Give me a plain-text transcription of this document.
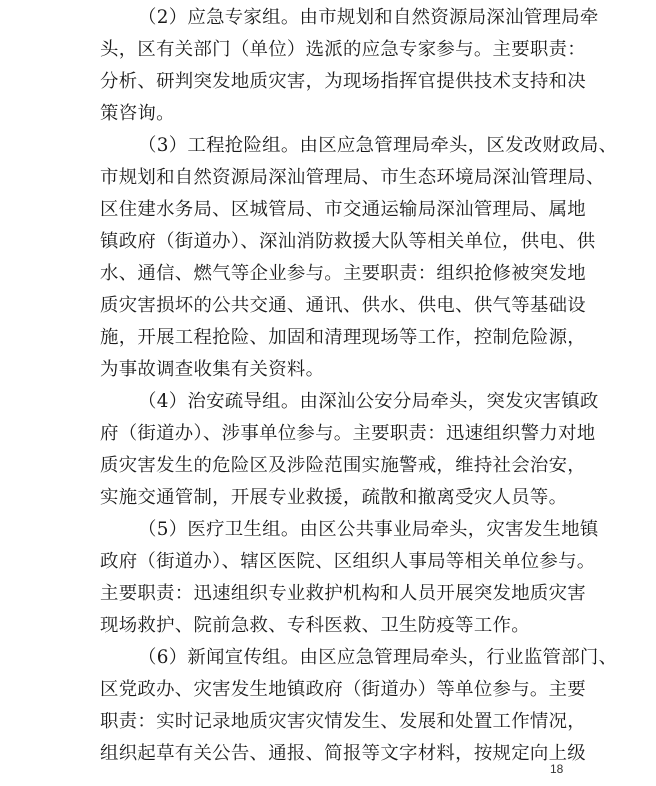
（2）应急专家组。由市规划和自然资源局深汕管理局牵
头，区有关部门（单位）选派的应急专家参与。主要职责：
分析、研判突发地质灾害，为现场指挥官提供技术支持和决
策咨询。
（3）工程抢险组。由区应急管理局牵头，区发改财政局、
市规划和自然资源局深汕管理局、市生态环境局深汕管理局、
区住建水务局、区城管局、市交通运输局深汕管理局、属地
镇政府（街道办）、深汕消防救援大队等相关单位，供电、供
水、通信、燃气等企业参与。主要职责：组织抢修被突发地
质灾害损坏的公共交通、通讯、供水、供电、供气等基础设
施，开展工程抢险、加固和清理现场等工作，控制危险源，
为事故调查收集有关资料。
（4）治安疏导组。由深汕公安分局牵头，突发灾害镇政
府（街道办）、涉事单位参与。主要职责：迅速组织警力对地
质灾害发生的危险区及涉险范围实施警戒，维持社会治安，
实施交通管制，开展专业救援，疏散和撤离受灾人员等。
（5）医疗卫生组。由区公共事业局牵头，灾害发生地镇
政府（街道办）、辖区医院、区组织人事局等相关单位参与。
主要职责：迅速组织专业救护机构和人员开展突发地质灾害
现场救护、院前急救、专科医救、卫生防疫等工作。
（6）新闻宣传组。由区应急管理局牵头，行业监管部门、
区党政办、灾害发生地镇政府（街道办）等单位参与。主要
职责：实时记录地质灾害灾情发生、发展和处置工作情况，
组织起草有关公告、通报、简报等文字材料，按规定向上级
18
